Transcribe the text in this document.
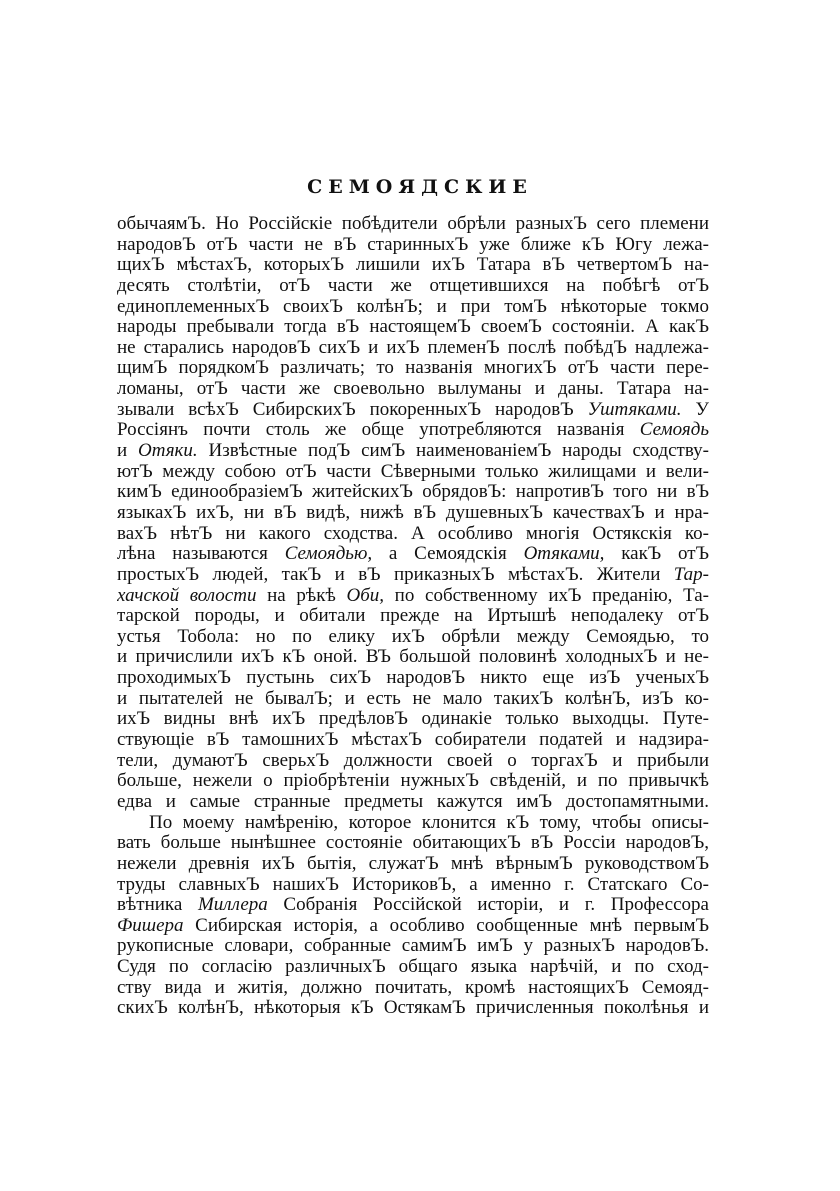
СЕМОЯДСКИЕ
обычаямЪ. Но Россійскіе побѣдители обрѣли разныхЪ сего племени
народовЪ отЪ части не вЪ старинныхЪ уже ближе кЪ Югу лежа-
щихЪ мѣстахЪ, которыхЪ лишили ихЪ Татара вЪ четвертомЪ на-
десять столѣтіи, отЪ части же отщетившихся на побѣгѣ отЪ
единоплеменныхЪ своихЪ колѣнЪ; и при томЪ нѣкоторые токмо
народы пребывали тогда вЪ настоящемЪ своемЪ состояніи. А какЪ
не старались народовЪ сихЪ и ихЪ племенЪ послѣ побѣдЪ надлежа-
щимЪ порядкомЪ различать; то названія многихЪ отЪ части пере-
ломаны, отЪ части же своевольно вылуманы и даны. Татара на-
зывали всѣхЪ СибирскихЪ покоренныхЪ народовЪ Уштяками. У
Россіянъ почти столь же обще употребляются названія Семоядь
и Отяки. Извѣстные подЪ симЪ наименованіемЪ народы сходству-
ютЪ между собою отЪ части Сѣверными только жилищами и вели-
кимЪ единообразіемЪ житейскихЪ обрядовЪ: напротивЪ того ни вЪ
языкахЪ ихЪ, ни вЪ видѣ, нижѣ вЪ душевныхЪ качествахЪ и нра-
вахЪ нѣтЪ ни какого сходства. А особливо многія Остякскія ко-
лѣна называются Семоядью, а Семоядскія Отяками, какЪ отЪ
простыхЪ людей, такЪ и вЪ приказныхЪ мѣстахЪ. Жители Тар-
хачской волости на рѣкѣ Оби, по собственному ихЪ преданію, Та-
тарской породы, и обитали прежде на Иртышѣ неподалеку отЪ
устья Тобола: но по елику ихЪ обрѣли между Семоядью, то
и причислили ихЪ кЪ оной. ВЪ большой половинѣ холодныхЪ и не-
проходимыхЪ пустынь сихЪ народовЪ никто еще изЪ ученыхЪ
и пытателей не бывалЪ; и есть не мало такихЪ колѣнЪ, изЪ ко-
ихЪ видны внѣ ихЪ предѣловЪ одинакіе только выходцы. Путе-
ствующіе вЪ тамошнихЪ мѣстахЪ собиратели податей и надзира-
тели, думаютЪ сверьхЪ должности своей о торгахЪ и прибыли
больше, нежели о пріобрѣтеніи нужныхЪ свѣденій, и по привычкѣ
едва и самые странные предметы кажутся имЪ достопамятными.
По моему намѣренію, которое клонится кЪ тому, чтобы описы-
вать больше нынѣшнее состояніе обитающихЪ вЪ Россіи народовЪ,
нежели древнія ихЪ бытія, служатЪ мнѣ вѣрнымЪ руководствомЪ
труды славныхЪ нашихЪ ИсториковЪ, а именно г. Статскаго Со-
вѣтника Миллера Собранія Россійской исторіи, и г. Профессора
Фишера Сибирская исторія, а особливо сообщенные мнѣ первымЪ
рукописные словари, собранные самимЪ имЪ у разныхЪ народовЪ.
Судя по согласію различныхЪ общаго языка нарѣчій, и по сход-
ству вида и житія, должно почитать, кромѣ настоящихЪ Семояд-
скихЪ колѣнЪ, нѣкоторыя кЪ ОстякамЪ причисленныя поколѣнья и
